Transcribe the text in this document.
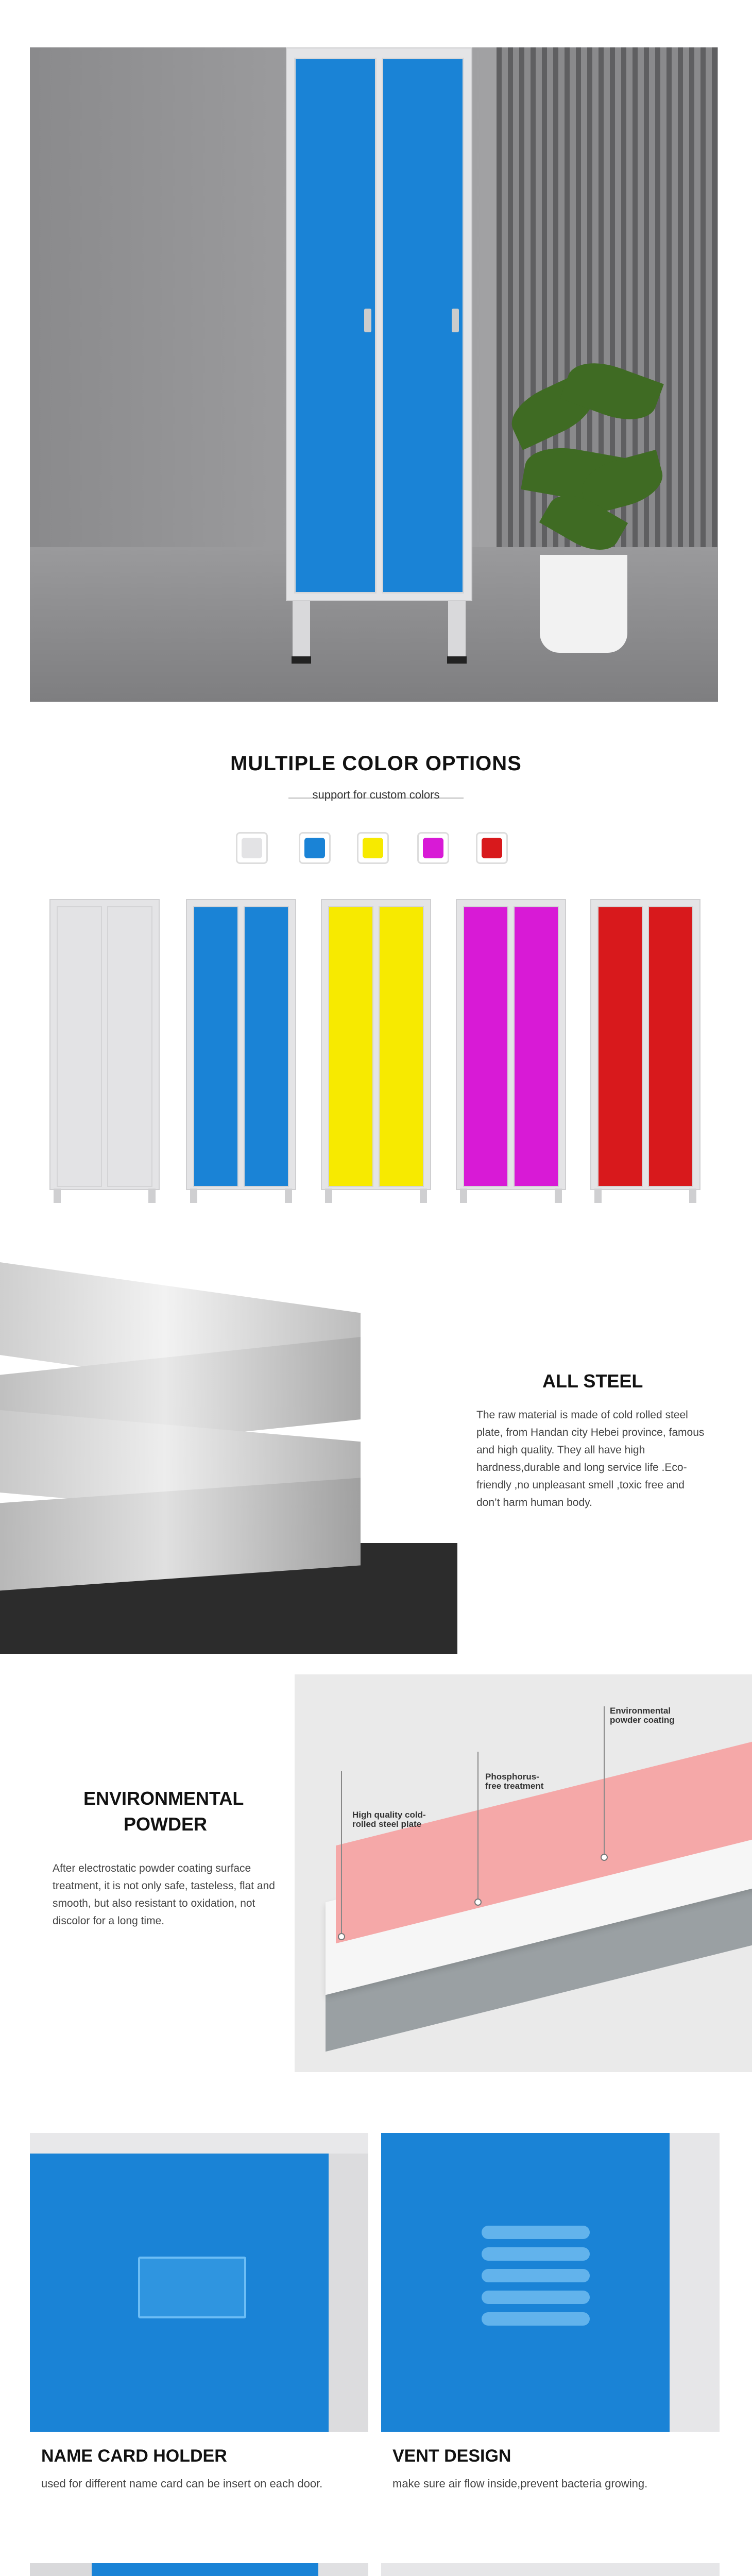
MULTIPLE COLOR OPTIONS
support for custom colors
ALL STEEL
The raw material is made of cold rolled steel plate, from Handan city Hebei province, famous and high quality. They all have high hardness,durable and long service life .Eco-friendly ,no unpleasant smell ,toxic free and don’t harm human body.
ENVIRONMENTAL
POWDER
After electrostatic powder coating surface treatment, it is not only safe, tasteless, flat and smooth, but also resistant to oxidation, not discolor for a long time.
Environmental powder coating
Phosphorus-free treatment
High quality cold-rolled steel plate
NAME CARD HOLDER
used for different name card can be insert on each door.
VENT DESIGN
make sure air flow inside,prevent bacteria growing.
